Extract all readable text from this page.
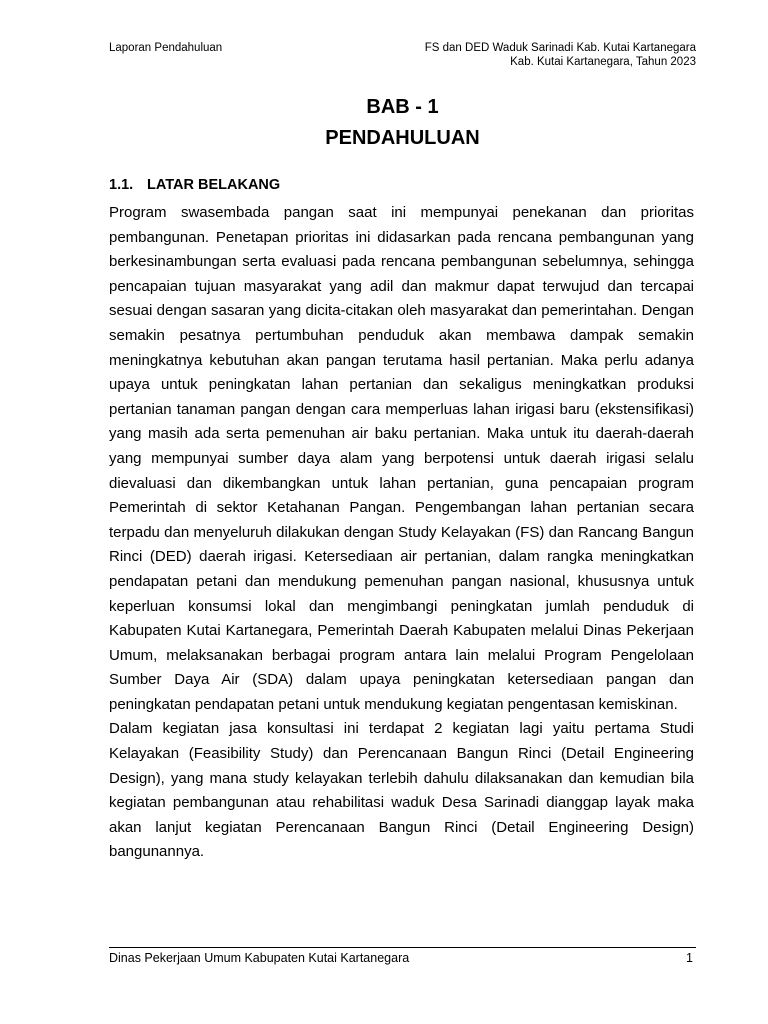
Laporan Pendahuluan	FS dan DED Waduk Sarinadi Kab. Kutai Kartanegara
Kab. Kutai Kartanegara, Tahun 2023
BAB - 1
PENDAHULUAN
1.1. LATAR BELAKANG

Program swasembada pangan saat ini mempunyai penekanan dan prioritas pembangunan. Penetapan prioritas ini didasarkan pada rencana pembangunan yang berkesinambungan serta evaluasi pada rencana pembangunan sebelumnya, sehingga pencapaian tujuan masyarakat yang adil dan makmur dapat terwujud dan tercapai sesuai dengan sasaran yang dicita-citakan oleh masyarakat dan pemerintahan. Dengan semakin pesatnya pertumbuhan penduduk akan membawa dampak semakin meningkatnya kebutuhan akan pangan terutama hasil pertanian. Maka perlu adanya upaya untuk peningkatan lahan pertanian dan sekaligus meningkatkan produksi pertanian tanaman pangan dengan cara memperluas lahan irigasi baru (ekstensifikasi) yang masih ada serta pemenuhan air baku pertanian. Maka untuk itu daerah-daerah yang mempunyai sumber daya alam yang berpotensi untuk daerah irigasi selalu dievaluasi dan dikembangkan untuk lahan pertanian, guna pencapaian program Pemerintah di sektor Ketahanan Pangan. Pengembangan lahan pertanian secara terpadu dan menyeluruh dilakukan dengan Study Kelayakan (FS) dan Rancang Bangun Rinci (DED) daerah irigasi. Ketersediaan air pertanian, dalam rangka meningkatkan pendapatan petani dan mendukung pemenuhan pangan nasional, khususnya untuk keperluan konsumsi lokal dan mengimbangi peningkatan jumlah penduduk di Kabupaten Kutai Kartanegara, Pemerintah Daerah Kabupaten melalui Dinas Pekerjaan Umum, melaksanakan berbagai program antara lain melalui Program Pengelolaan Sumber Daya Air (SDA) dalam upaya peningkatan ketersediaan pangan dan peningkatan pendapatan petani untuk mendukung kegiatan pengentasan kemiskinan.

Dalam kegiatan jasa konsultasi ini terdapat 2 kegiatan lagi yaitu pertama Studi Kelayakan (Feasibility Study) dan Perencanaan Bangun Rinci (Detail Engineering Design), yang mana study kelayakan terlebih dahulu dilaksanakan dan kemudian bila kegiatan pembangunan atau rehabilitasi waduk Desa Sarinadi dianggap layak maka akan lanjut kegiatan Perencanaan Bangun Rinci (Detail Engineering Design) bangunannya.

Dinas Pekerjaan Umum Kabupaten Kutai Kartanegara	1
